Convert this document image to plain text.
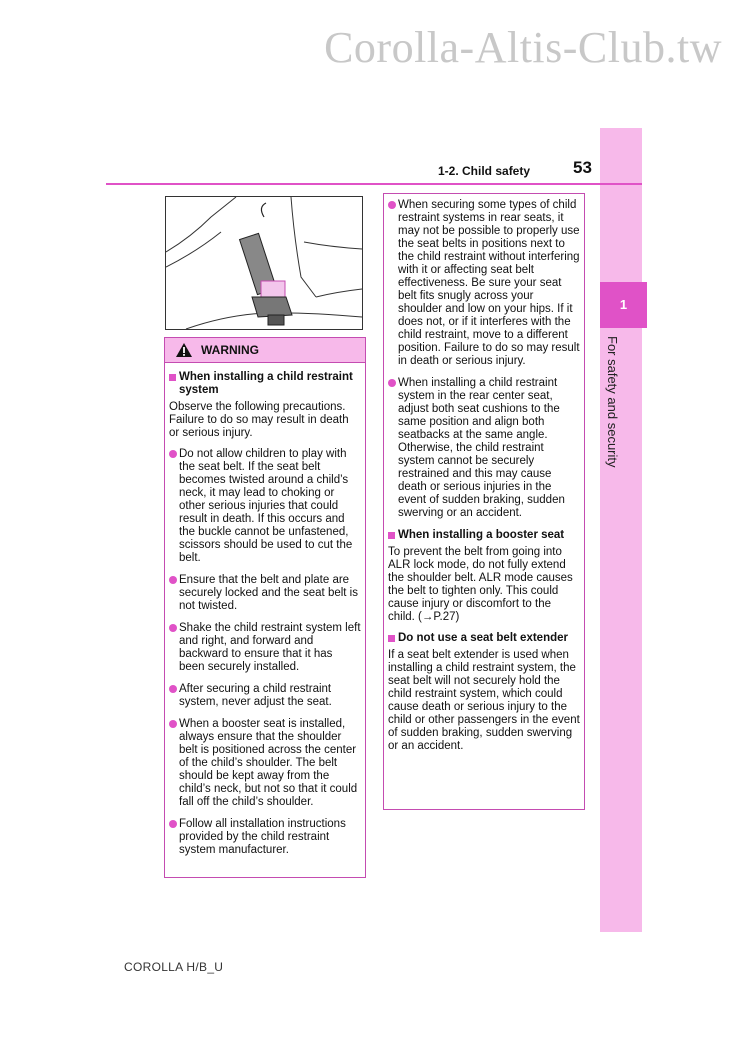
Corolla-Altis-Club.tw
1
For safety and security
1-2. Child safety	53
WARNING
When installing a child restraint system
Observe the following precautions. Failure to do so may result in death or serious injury.
Do not allow children to play with the seat belt. If the seat belt becomes twisted around a child’s neck, it may lead to choking or other serious injuries that could result in death. If this occurs and the buckle cannot be unfastened, scissors should be used to cut the belt.
Ensure that the belt and plate are securely locked and the seat belt is not twisted.
Shake the child restraint system left and right, and forward and backward to ensure that it has been securely installed.
After securing a child restraint system, never adjust the seat.
When a booster seat is installed, always ensure that the shoulder belt is positioned across the center of the child’s shoulder. The belt should be kept away from the child’s neck, but not so that it could fall off the child’s shoulder.
Follow all installation instructions provided by the child restraint system manufacturer.
When securing some types of child restraint systems in rear seats, it may not be possible to properly use the seat belts in positions next to the child restraint without interfering with it or affecting seat belt effectiveness. Be sure your seat belt fits snugly across your shoulder and low on your hips. If it does not, or if it interferes with the child restraint, move to a different position. Failure to do so may result in death or serious injury.
When installing a child restraint system in the rear center seat, adjust both seat cushions to the same position and align both seatbacks at the same angle. Otherwise, the child restraint system cannot be securely restrained and this may cause death or serious injuries in the event of sudden braking, sudden swerving or an accident.
When installing a booster seat
To prevent the belt from going into ALR lock mode, do not fully extend the shoulder belt. ALR mode causes the belt to tighten only. This could cause injury or discomfort to the child. (→P.27)
Do not use a seat belt extender
If a seat belt extender is used when installing a child restraint system, the seat belt will not securely hold the child restraint system, which could cause death or serious injury to the child or other passengers in the event of sudden braking, sudden swerving or an accident.
COROLLA H/B_U
